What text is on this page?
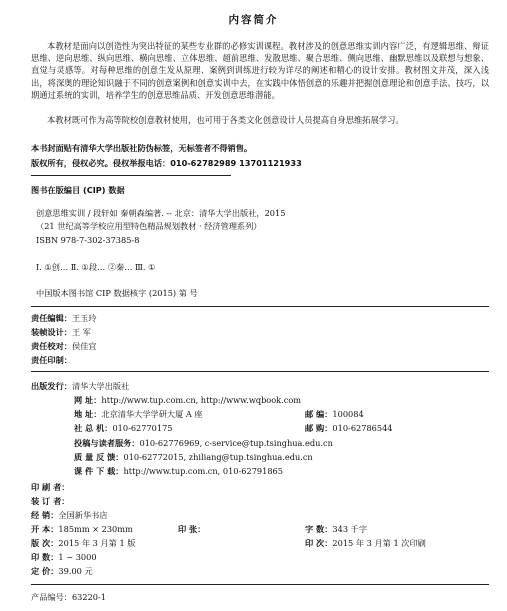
内容简介
本教材是面向以创造性为突出特征的某些专业群的必修实训课程。教材涉及的创意思维实训内容广泛，有逻辑思维、辩证思维、逆向思维、纵向思维、横向思维、立体思维、超前思维、发散思维、聚合思维、侧向思维、幽默思维以及联想与想象、直觉与灵感等。对每种思维的创意生发从原理、案例到训练进行较为详尽的阐述和精心的设计安排。教材图文并茂，深入浅出，将深奥的理论知识融于不同的创意案例和创意实训中去，在实践中体悟创意的乐趣并把握创意理论和创意手法、技巧，以期通过系统的实训，培养学生的创意思维品质、开发创意思维潜能。
本教材既可作为高等院校创意教材使用，也可用于各类文化创意设计人员提高自身思维拓展学习。
本书封面贴有清华大学出版社防伪标签，无标签者不得销售。
版权所有，侵权必究。侵权举报电话：010-62782989 13701121933
图书在版编目 (CIP) 数据
创意思维实训 / 段轩如 秦朝森编著. -- 北京：清华大学出版社，2015
（21 世纪高等学校应用型特色精品规划教材 · 经济管理系列）
ISBN 978-7-302-37385-8
Ⅰ. ①创… Ⅱ. ①段… ②秦… Ⅲ. ①
中国版本图书馆 CIP 数据核字 (2015) 第 号
责任编辑：王玉玲
装帧设计：王 军
责任校对：侯佳宜
责任印制：
出版发行：清华大学出版社
网 址：http://www.tup.com.cn, http://www.wqbook.com
地 址：北京清华大学学研大厦 A 座	邮 编：100084
社 总 机：010-62770175	邮 购：010-62786544
投稿与读者服务：010-62776969, c-service@tup.tsinghua.edu.cn
质 量 反 馈：010-62772015, zhiliang@tup.tsinghua.edu.cn
课 件 下 载：http://www.tup.com.cn, 010-62791865
印 刷 者：
装 订 者：
经 销：全国新华书店
开 本：185mm × 230mm	印 张：	字 数：343 千字
版 次：2015 年 3 月第 1 版	印 次：2015 年 3 月第 1 次印刷
印 数：1 ~ 3000
定 价：39.00 元
产品编号：63220-1
